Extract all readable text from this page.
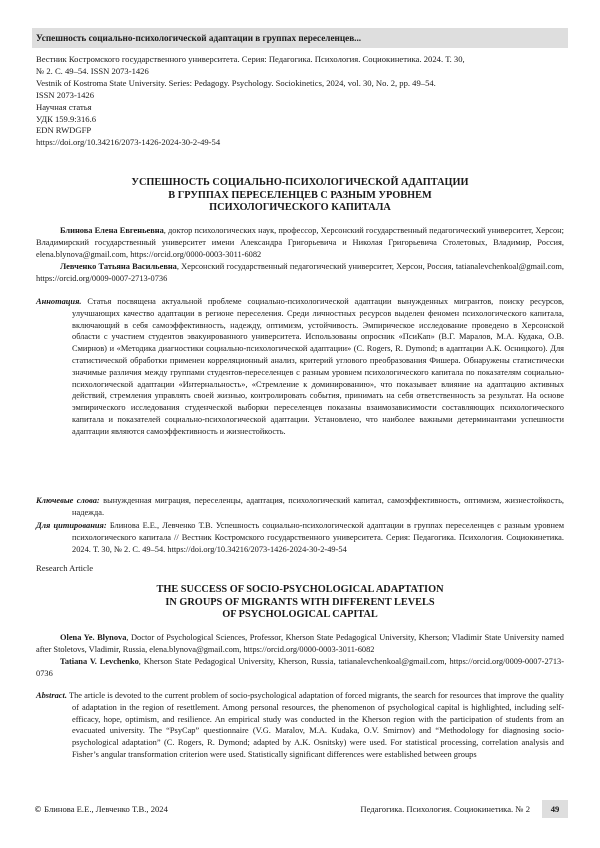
Успешность социально-психологической адаптации в группах переселенцев...
Вестник Костромского государственного университета. Серия: Педагогика. Психология. Социокинетика. 2024. Т. 30,
№ 2. С. 49–54. ISSN 2073-1426
Vestnik of Kostroma State University. Series: Pedagogy. Psychology. Sociokinetics, 2024, vol. 30, No. 2, pp. 49–54.
ISSN 2073-1426
Научная статья
УДК 159.9:316.6
EDN RWDGFP
https://doi.org/10.34216/2073-1426-2024-30-2-49-54
УСПЕШНОСТЬ СОЦИАЛЬНО-ПСИХОЛОГИЧЕСКОЙ АДАПТАЦИИ
В ГРУППАХ ПЕРЕСЕЛЕНЦЕВ С РАЗНЫМ УРОВНЕМ
ПСИХОЛОГИЧЕСКОГО КАПИТАЛА
Блинова Елена Евгеньевна, доктор психологических наук, профессор, Херсонский государственный педагогический университет, Херсон; Владимирский государственный университет имени Александра Григорьевича и Николая Григорьевича Столетовых, Владимир, Россия, elena.blynova@gmail.com, https://orcid.org/0000-0003-3011-6082
Левченко Татьяна Васильевна, Херсонский государственный педагогический университет, Херсон, Россия, tatianalevchenkoal@gmail.com, https://orcid.org/0009-0007-2713-0736
Аннотация. Статья посвящена актуальной проблеме социально-психологической адаптации вынужденных мигрантов, поиску ресурсов, улучшающих качество адаптации в регионе переселения. Среди личностных ресурсов выделен феномен психологического капитала, включающий в себя самоэффективность, надежду, оптимизм, устойчивость. Эмпирическое исследование проведено в Херсонской области с участием студентов эвакуированного университета. Использованы опросник «ПсиКап» (В.Г. Маралов, М.А. Кудака, О.В. Смирнов) и «Методика диагностики социально-психологической адаптации» (C. Rogers, R. Dymond; в адаптации А.К. Осницкого). Для статистической обработки применен корреляционный анализ, критерий углового преобразования Фишера. Обнаружены статистически значимые различия между группами студентов-переселенцев с разным уровнем психологического капитала по показателям социально-психологической адаптации «Интернальность», «Стремление к доминированию», что показывает влияние на адаптацию активных действий, стремления управлять своей жизнью, контролировать события, принимать на себя ответственность за результат. На основе эмпирического исследования студенческой выборки переселенцев показаны взаимозависимости составляющих психологического капитала и показателей социально-психологической адаптации. Установлено, что наиболее важными детерминантами успешности адаптации являются самоэффективность и жизнестойкость.
Ключевые слова: вынужденная миграция, переселенцы, адаптация, психологический капитал, самоэффективность, оптимизм, жизнестойкость, надежда.
Для цитирования: Блинова Е.Е., Левченко Т.В. Успешность социально-психологической адаптации в группах переселенцев с разным уровнем психологического капитала // Вестник Костромского государственного университета. Серия: Педагогика. Психология. Социокинетика. 2024. Т. 30, № 2. С. 49–54. https://doi.org/10.34216/2073-1426-2024-30-2-49-54
Research Article
THE SUCCESS OF SOCIO-PSYCHOLOGICAL ADAPTATION
IN GROUPS OF MIGRANTS WITH DIFFERENT LEVELS
OF PSYCHOLOGICAL CAPITAL
Olena Ye. Blynova, Doctor of Psychological Sciences, Professor, Kherson State Pedagogical University, Kherson; Vladimir State University named after Stoletovs, Vladimir, Russia, elena.blynova@gmail.com, https://orcid.org/0000-0003-3011-6082
Tatiana V. Levchenko, Kherson State Pedagogical University, Kherson, Russia, tatianalevchenkoal@gmail.com, https://orcid.org/0009-0007-2713-0736
Abstract. The article is devoted to the current problem of socio-psychological adaptation of forced migrants, the search for resources that improve the quality of adaptation in the region of resettlement. Among personal resources, the phenomenon of psychological capital is highlighted, including self-efficacy, hope, optimism, and resilience. An empirical study was conducted in the Kherson region with the participation of students from an evacuated university. The “PsyCap” questionnaire (V.G. Maralov, M.A. Kudaka, O.V. Smirnov) and “Methodology for diagnosing socio-psychological adaptation” (C. Rogers, R. Dymond; adapted by A.K. Osnitsky) were used. For statistical processing, correlation analysis and Fisher’s angular transformation criterion were used. Statistically significant differences were established between groups
© Блинова Е.Е., Левченко Т.В., 2024	Педагогика. Психология. Социокинетика. № 2	49
